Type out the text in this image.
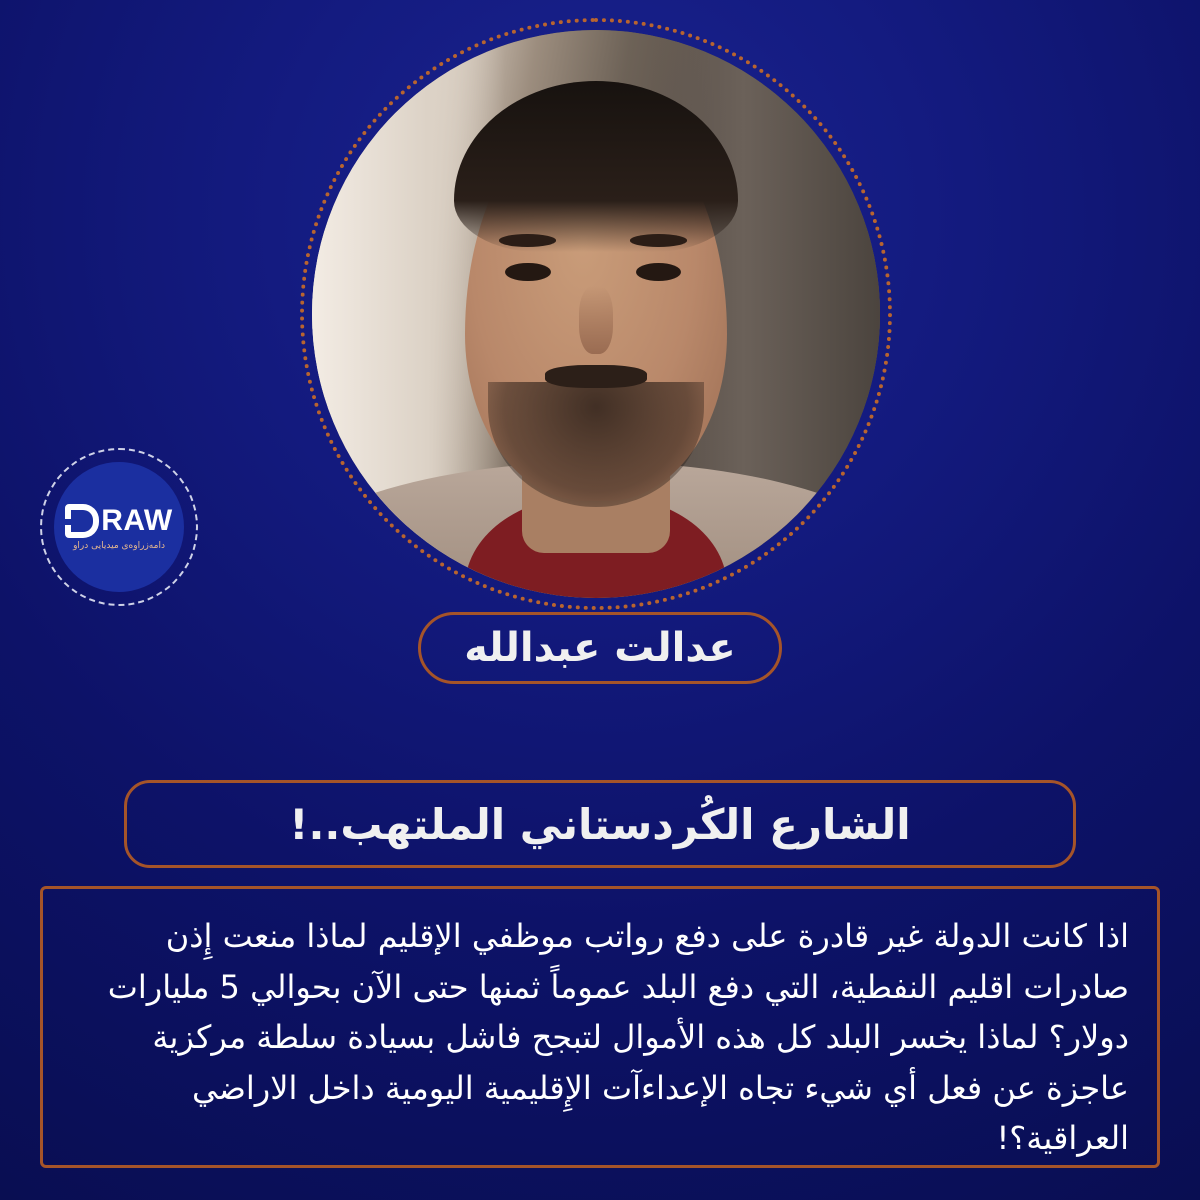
RAW
دامەزراوەی میدیایی دراو
عدالت عبدالله
الشارع الكُردستاني الملتهب..!

اذا كانت الدولة غير قادرة على دفع رواتب موظفي الإقليم لماذا منعت إِذن صادرات اقليم النفطية، التي دفع البلد عموماً ثمنها حتى الآن بحوالي 5 مليارات دولار؟ لماذا يخسر البلد كل هذه الأموال لتبجح فاشل بسيادة سلطة مركزية عاجزة عن فعل أي شيء تجاه الإعداءآت الإِقليمية اليومية داخل الاراضي العراقية؟!
